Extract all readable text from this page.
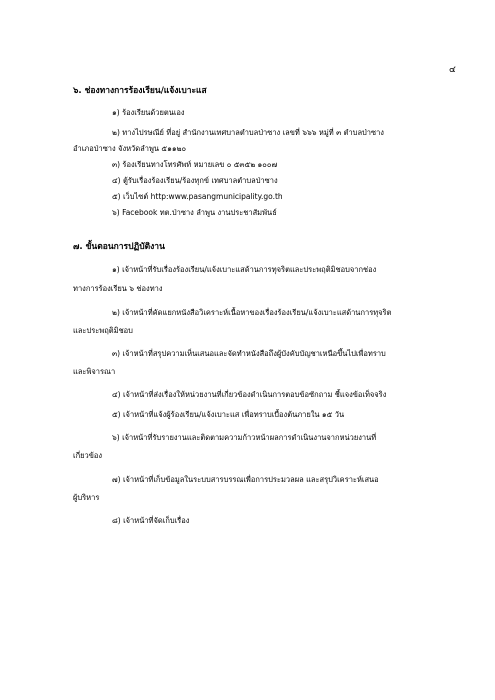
๔
๖. ช่องทางการร้องเรียน/แจ้งเบาะแส
๑) ร้องเรียนด้วยตนเอง
๒) ทางไปรษณีย์ ที่อยู่ สำนักงานเทศบาลตำบลป่าซาง เลขที่ ๖๖๖ หมู่ที่ ๓ ตำบลป่าซาง
อำเภอป่าซาง จังหวัดลำพูน ๕๑๑๒๐
๓) ร้องเรียนทางโทรศัพท์ หมายเลข ๐ ๕๓๕๒ ๑๐๐๗
๔) ตู้รับเรื่องร้องเรียน/ร้องทุกข์ เทศบาลตำบลป่าซาง
๕) เว็บไซต์ http:www.pasangmunicipality.go.th
๖) Facebook ทต.ป่าซาง ลำพูน งานประชาสัมพันธ์
๗. ขั้นตอนการปฏิบัติงาน
๑) เจ้าหน้าที่รับเรื่องร้องเรียน/แจ้งเบาะแสด้านการทุจริตและประพฤติมิชอบจากช่อง
ทางการร้องเรียน ๖ ช่องทาง
๒) เจ้าหน้าที่คัดแยกหนังสือวิเคราะห์เนื้อหาของเรื่องร้องเรียน/แจ้งเบาะแสด้านการทุจริต
และประพฤติมิชอบ
๓) เจ้าหน้าที่สรุปความเห็นเสนอและจัดทำหนังสือถึงผู้บังคับบัญชาเหนือขึ้นไปเพื่อทราบ
และพิจารณา
๔) เจ้าหน้าที่ส่งเรื่องให้หน่วยงานที่เกี่ยวข้องดำเนินการตอบข้อซักถาม ชี้แจงข้อเท็จจริง
๕) เจ้าหน้าที่แจ้งผู้ร้องเรียน/แจ้งเบาะแส เพื่อทราบเบื้องต้นภายใน ๑๕ วัน
๖) เจ้าหน้าที่รับรายงานและติดตามความก้าวหน้าผลการดำเนินงานจากหน่วยงานที่
เกี่ยวข้อง
๗) เจ้าหน้าที่เก็บข้อมูลในระบบสารบรรณเพื่อการประมวลผล และสรุปวิเคราะห์เสนอ
ผู้บริหาร
๘) เจ้าหน้าที่จัดเก็บเรื่อง
